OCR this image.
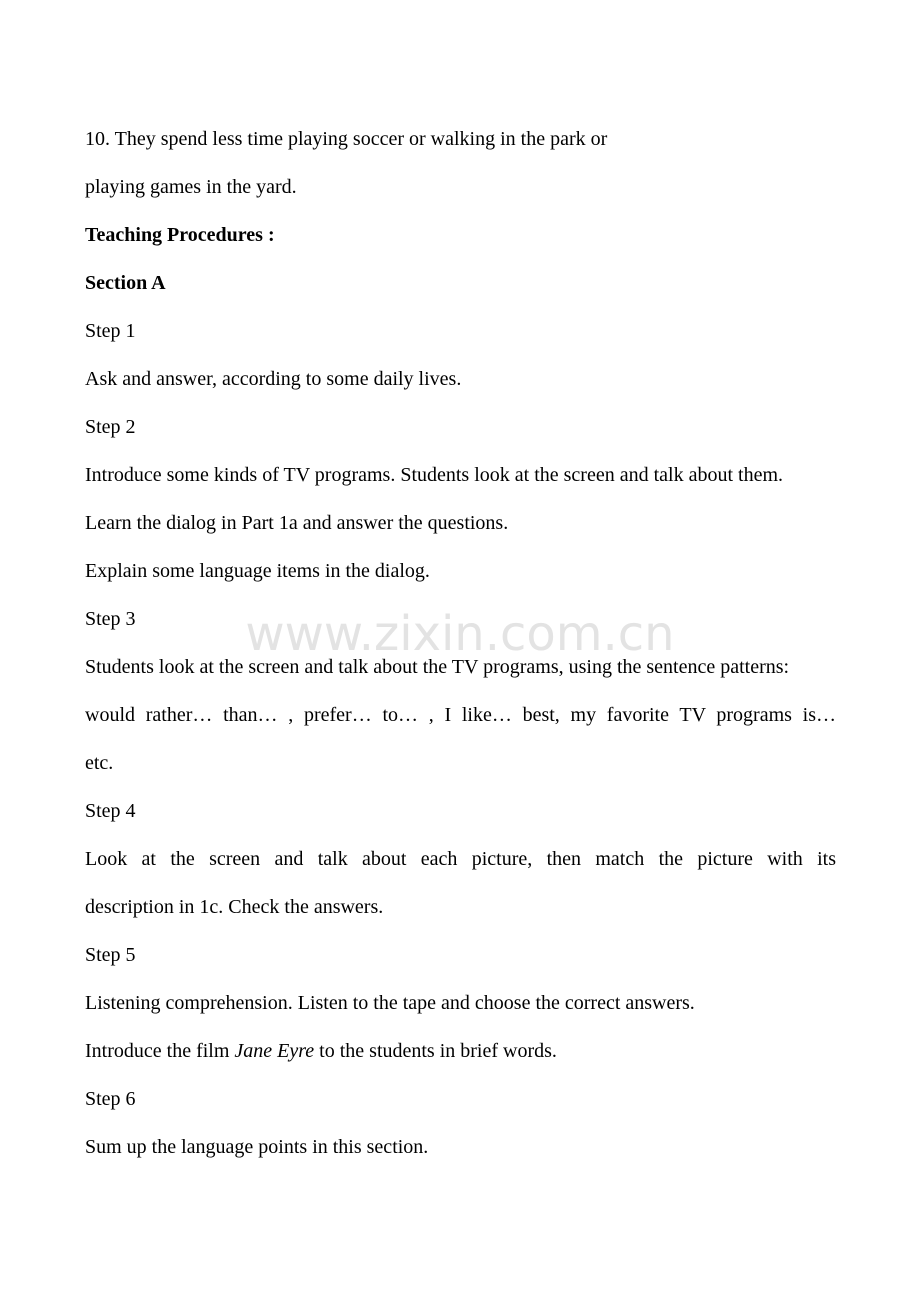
www.zixin.com.cn

10. They spend less time playing soccer or walking in the park or

playing games in the yard.

Teaching Procedures :

Section A

Step 1

Ask and answer, according to some daily lives.

Step 2

Introduce some kinds of TV programs. Students look at the screen and talk about them.

Learn the dialog in Part 1a and answer the questions.

Explain some language items in the dialog.

Step 3

Students look at the screen and talk about the TV programs, using the sentence patterns:

would rather… than… , prefer… to… , I like… best, my favorite TV programs is…

etc.

Step 4

Look at the screen and talk about each picture, then match the picture with its

description in 1c. Check the answers.

Step 5

Listening comprehension. Listen to the tape and choose the correct answers.

Introduce the film Jane Eyre to the students in brief words.

Step 6

Sum up the language points in this section.
